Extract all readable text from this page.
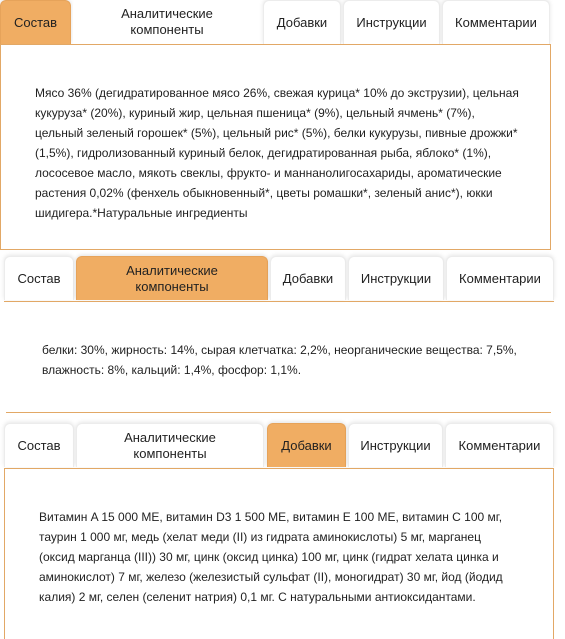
Состав
Аналитические компоненты	Добавки Инструкции Комментарии

Мясо 36% (дегидратированное мясо 26%, свежая курица* 10% до экструзии), цельная кукуруза* (20%), куриный жир, цельная пшеница* (9%), цельный ячмень* (7%), цельный зеленый горошек* (5%), цельный рис* (5%), белки кукурузы, пивные дрожжи* (1,5%), гидролизованный куриный белок, дегидратированная рыба, яблоко* (1%), лососевое масло, мякоть свеклы, фрукто- и маннанолигосахариды, ароматические растения 0,02% (фенхель обыкновенный*, цветы ромашки*, зеленый анис*), юкки шидигера.*Натуральные ингредиенты

Состав
Аналитические компоненты
Добавки Инструкции Комментарии

белки: 30%, жирность: 14%, сырая клетчатка: 2,2%, неорганические вещества: 7,5%, влажность: 8%, кальций: 1,4%, фосфор: 1,1%.

Состав
Аналитические компоненты
Добавки Инструкции Комментарии

Витамин A 15 000 МЕ, витамин D3 1 500 МЕ, витамин Е 100 МЕ, витамин С 100 мг, таурин 1 000 мг, медь (хелат меди (II) из гидрата аминокислоты) 5 мг, марганец (оксид марганца (III)) 30 мг, цинк (оксид цинка) 100 мг, цинк (гидрат хелата цинка и аминокислот) 7 мг, железо (железистый сульфат (II), моногидрат) 30 мг, йод (йодид калия) 2 мг, селен (селенит натрия) 0,1 мг. С натуральными антиоксидантами.
